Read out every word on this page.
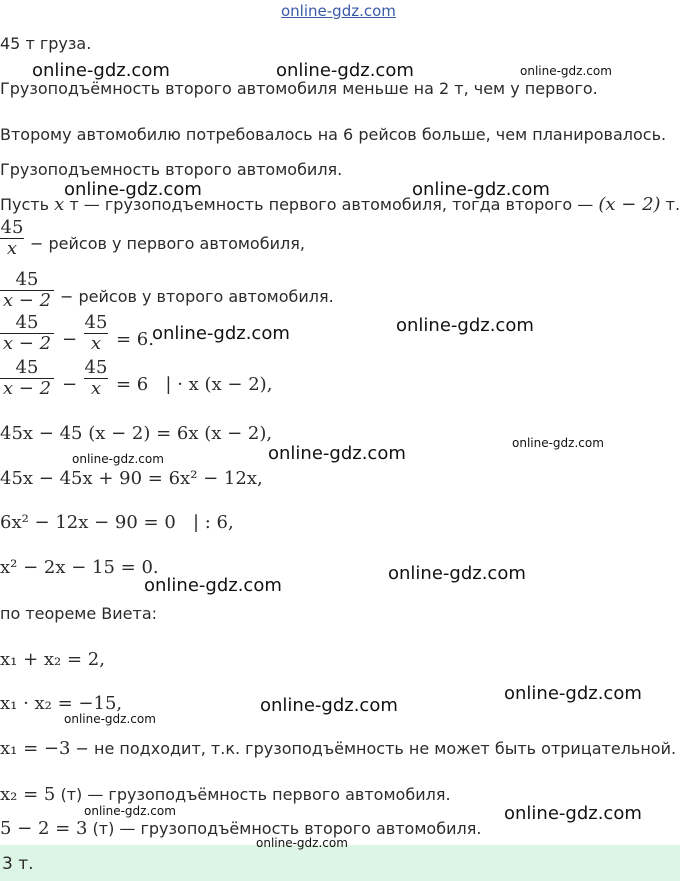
online-gdz.com
45 т груза.
Грузоподъёмность второго автомобиля меньше на 2 т, чем у первого.
Второму автомобилю потребовалось на 6 рейсов больше, чем планировалось.
Грузоподъемность второго автомобиля.
Пусть x т — грузоподъемность первого автомобиля, тогда второго — (x − 2) т.
45
x − рейсов у первого автомобиля,
45
x − 2 − рейсов у второго автомобиля.
45
x − 2 −
45
x = 6.
45
x − 2 −
45
x = 6   | · x (x − 2),
45x − 45 (x − 2) = 6x (x − 2),
45x − 45x + 90 = 6x² − 12x,
6x² − 12x − 90 = 0   | : 6,
x² − 2x − 15 = 0.
по теореме Виета:
x₁ + x₂ = 2,
x₁ · x₂ = −15,
x₁ = −3 − не подходит, т.к. грузоподъёмность не может быть отрицательной.
x₂ = 5 (т) — грузоподъёмность первого автомобиля.
5 − 2 = 3 (т) — грузоподъёмность второго автомобиля.
3 т.
online-gdz.com	online-gdz.com	online-gdz.com
online-gdz.com	online-gdz.com
online-gdz.com	online-gdz.com
online-gdz.com
online-gdz.com	online-gdz.com
online-gdz.com
online-gdz.com
online-gdz.com
online-gdz.com
online-gdz.com
online-gdz.com	online-gdz.com
online-gdz.com
